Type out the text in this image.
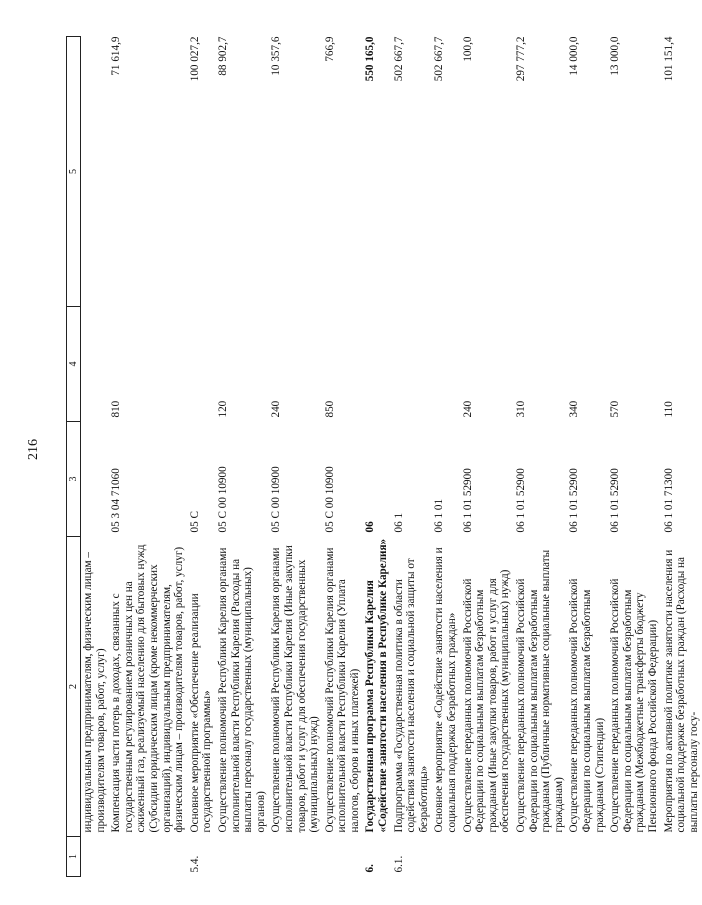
216
1	2	3	4	5
	индивидуальным предпринимателям, физическим лицам – производителям товаров, работ, услуг)			
	Компенсация части потерь в доходах, связанных с государственным регулированием розничных цен на сжиженный газ, реализуемый населению для бытовых нужд (Субсидии юридическим лицам (кроме некоммерческих организаций), индивидуальным предпринимателям, физическим лицам – производителям товаров, работ, услуг)	05 3 04 71060	810	71 614,9
5.4.	Основное мероприятие «Обеспечение реализации государственной программы»	05 С		100 027,2
	Осуществление полномочий Республики Карелия органами исполнительной власти Республики Карелия (Расходы на выплаты персоналу государственных (муниципальных) органов)	05 С 00 10900	120	88 902,7
	Осуществление полномочий Республики Карелия органами исполнительной власти Республики Карелия (Иные закупки товаров, работ и услуг для обеспечения государственных (муниципальных) нужд)	05 С 00 10900	240	10 357,6
	Осуществление полномочий Республики Карелия органами исполнительной власти Республики Карелия (Уплата налогов, сборов и иных платежей)	05 С 00 10900	850	766,9
6.	Государственная программа Республики Карелия «Содействие занятости населения в Республике Карелия»	06		550 165,0
6.1.	Подпрограмма «Государственная политика в области содействия занятости населения и социальной защиты от безработицы»	06 1		502 667,7
	Основное мероприятие «Содействие занятости населения и социальная поддержка безработных граждан»	06 1 01		502 667,7
	Осуществление переданных полномочий Российской Федерации по социальным выплатам безработным гражданам (Иные закупки товаров, работ и услуг для обеспечения государственных (муниципальных) нужд)	06 1 01 52900	240	100,0
	Осуществление переданных полномочий Российской Федерации по социальным выплатам безработным гражданам (Публичные нормативные социальные выплаты гражданам)	06 1 01 52900	310	297 777,2
	Осуществление переданных полномочий Российской Федерации по социальным выплатам безработным гражданам (Стипендии)	06 1 01 52900	340	14 000,0
	Осуществление переданных полномочий Российской Федерации по социальным выплатам безработным гражданам (Межбюджетные трансферты бюджету Пенсионного фонда Российской Федерации)	06 1 01 52900	570	13 000,0
	Мероприятия по активной политике занятости населения и социальной поддержке безработных граждан (Расходы на выплаты персоналу госу-	06 1 01 71300	110	101 151,4
